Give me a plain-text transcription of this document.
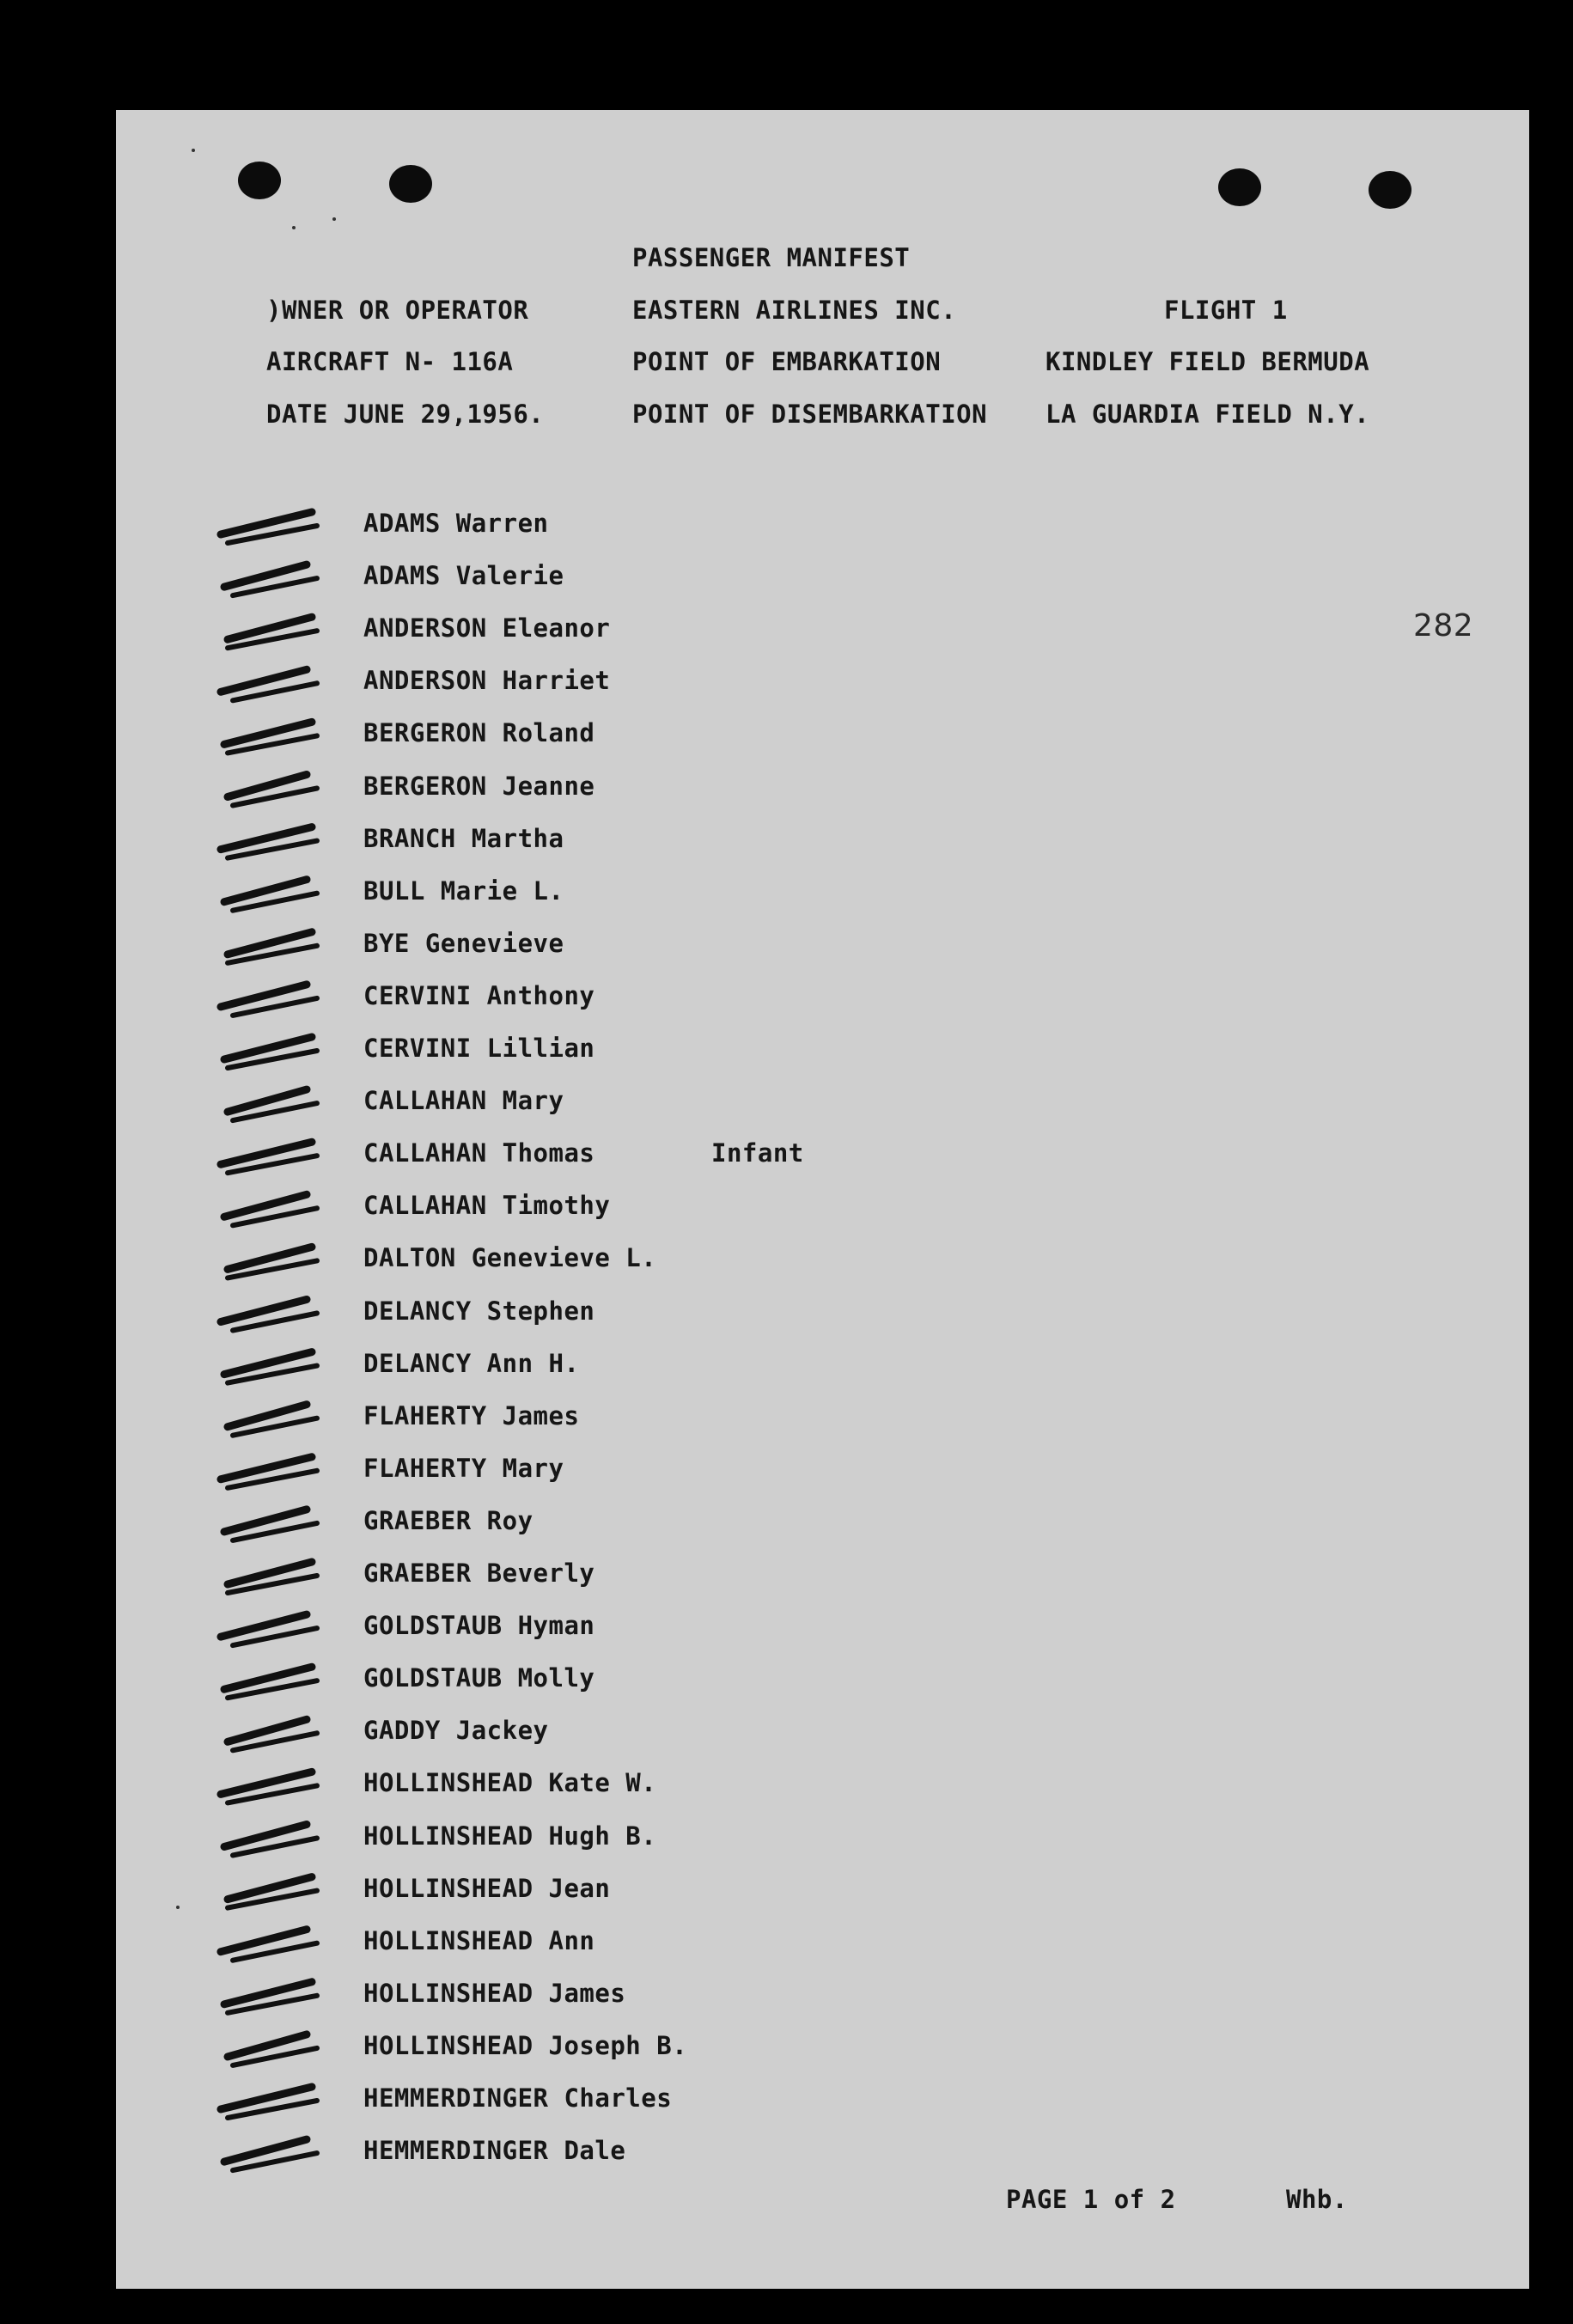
PASSENGER MANIFEST
)WNER OR OPERATOR	EASTERN AIRLINES INC.	FLIGHT 1
AIRCRAFT N- 116A	POINT OF EMBARKATION	KINDLEY FIELD BERMUDA
DATE JUNE 29,1956.	POINT OF DISEMBARKATION LA GUARDIA FIELD N.Y.
282
ADAMS Warren
ADAMS Valerie
ANDERSON Eleanor
ANDERSON Harriet
BERGERON Roland
BERGERON Jeanne
BRANCH Martha
BULL Marie L.
BYE Genevieve
CERVINI Anthony
CERVINI Lillian
CALLAHAN Mary
CALLAHAN Thomas	Infant
CALLAHAN Timothy
DALTON Genevieve L.
DELANCY Stephen
DELANCY Ann H.
FLAHERTY James
FLAHERTY Mary
GRAEBER Roy
GRAEBER Beverly
GOLDSTAUB Hyman
GOLDSTAUB Molly
GADDY Jackey
HOLLINSHEAD Kate W.
HOLLINSHEAD Hugh B.
HOLLINSHEAD Jean
HOLLINSHEAD Ann
HOLLINSHEAD James
HOLLINSHEAD Joseph B.
HEMMERDINGER Charles
HEMMERDINGER Dale
PAGE 1 of 2	Whb.
